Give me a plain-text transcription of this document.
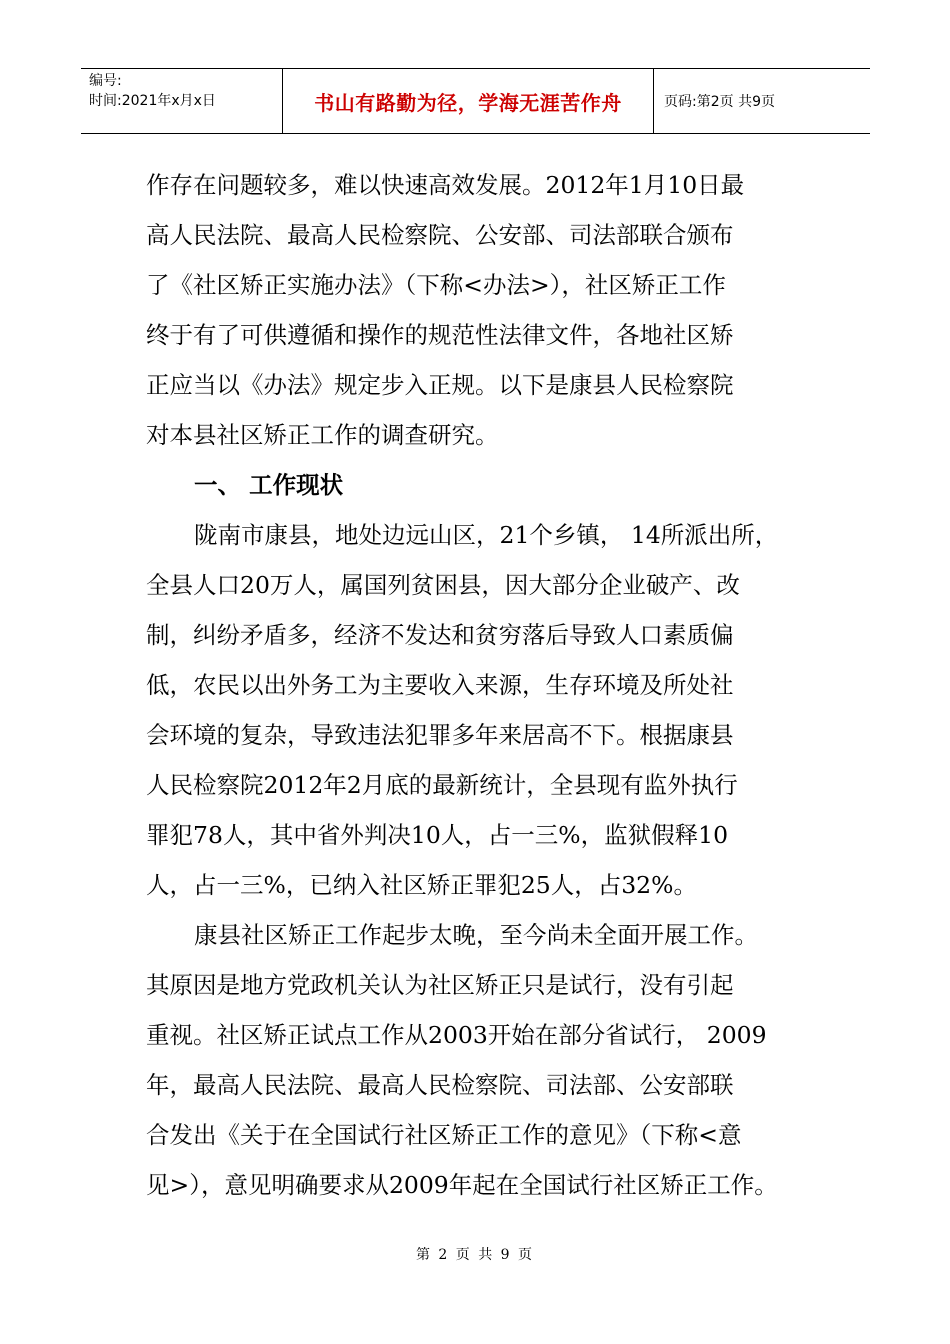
编号:
时间:2021年x月x日	书山有路勤为径，学海无涯苦作舟	页码:第2页 共9页
作存在问题较多，难以快速高效发展。2012年1月10日最
高人民法院、最高人民检察院、公安部、司法部联合颁布
了《社区矫正实施办法》（下称<办法>），社区矫正工作
终于有了可供遵循和操作的规范性法律文件，各地社区矫
正应当以《办法》规定步入正规。以下是康县人民检察院
对本县社区矫正工作的调查研究。
一、 工作现状
陇南市康县，地处边远山区，21个乡镇， 14所派出所，
全县人口20万人，属国列贫困县，因大部分企业破产、改
制，纠纷矛盾多，经济不发达和贫穷落后导致人口素质偏
低，农民以出外务工为主要收入来源，生存环境及所处社
会环境的复杂，导致违法犯罪多年来居高不下。根据康县
人民检察院2012年2月底的最新统计，全县现有监外执行
罪犯78人，其中省外判决10人，占一三%，监狱假释10
人，占一三%，已纳入社区矫正罪犯25人，占32%。
康县社区矫正工作起步太晚，至今尚未全面开展工作。
其原因是地方党政机关认为社区矫正只是试行，没有引起
重视。社区矫正试点工作从2003开始在部分省试行， 2009
年，最高人民法院、最高人民检察院、司法部、公安部联
合发出《关于在全国试行社区矫正工作的意见》（下称<意
见>），意见明确要求从2009年起在全国试行社区矫正工作。
第 2 页 共 9 页
